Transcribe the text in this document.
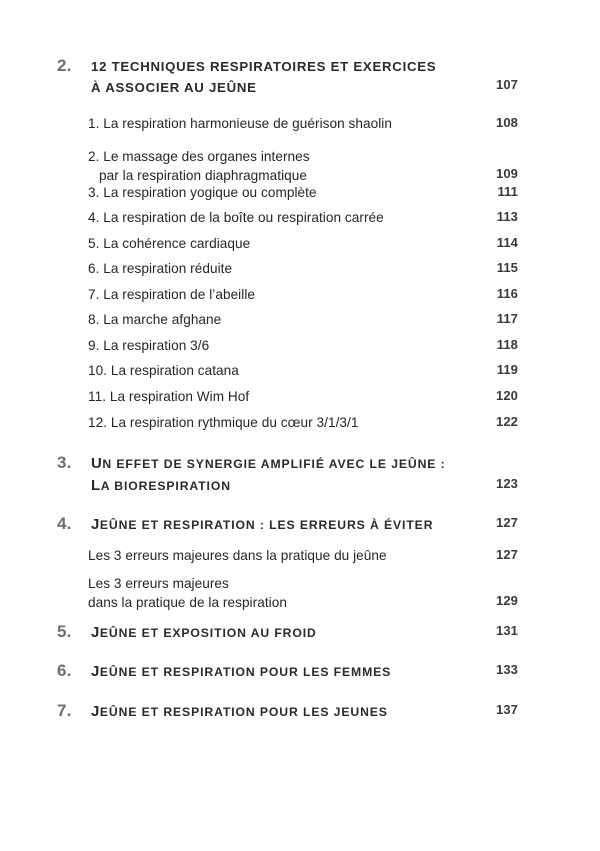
2.	12 TECHNIQUES RESPIRATOIRES ET EXERCICES
À ASSOCIER AU JEÛNE	107
1. La respiration harmonieuse de guérison shaolin	108
2. Le massage des organes internes
par la respiration diaphragmatique	109
3. La respiration yogique ou complète	111
4. La respiration de la boîte ou respiration carrée	113
5. La cohérence cardiaque	114
6. La respiration réduite	115
7. La respiration de l’abeille	116
8. La marche afghane	117
9. La respiration 3/6	118
10. La respiration catana	119
11. La respiration Wim Hof	120
12. La respiration rythmique du cœur 3/1/3/1	122
3.	UN EFFET DE SYNERGIE AMPLIFIÉ AVEC LE JEÛNE :
LA BIORESPIRATION	123
4.	JEÛNE ET RESPIRATION : LES ERREURS À ÉVITER	127
Les 3 erreurs majeures dans la pratique du jeûne	127
Les 3 erreurs majeures
dans la pratique de la respiration	129
5.	JEÛNE ET EXPOSITION AU FROID	131
6.	JEÛNE ET RESPIRATION POUR LES FEMMES	133
7.	JEÛNE ET RESPIRATION POUR LES JEUNES	137
